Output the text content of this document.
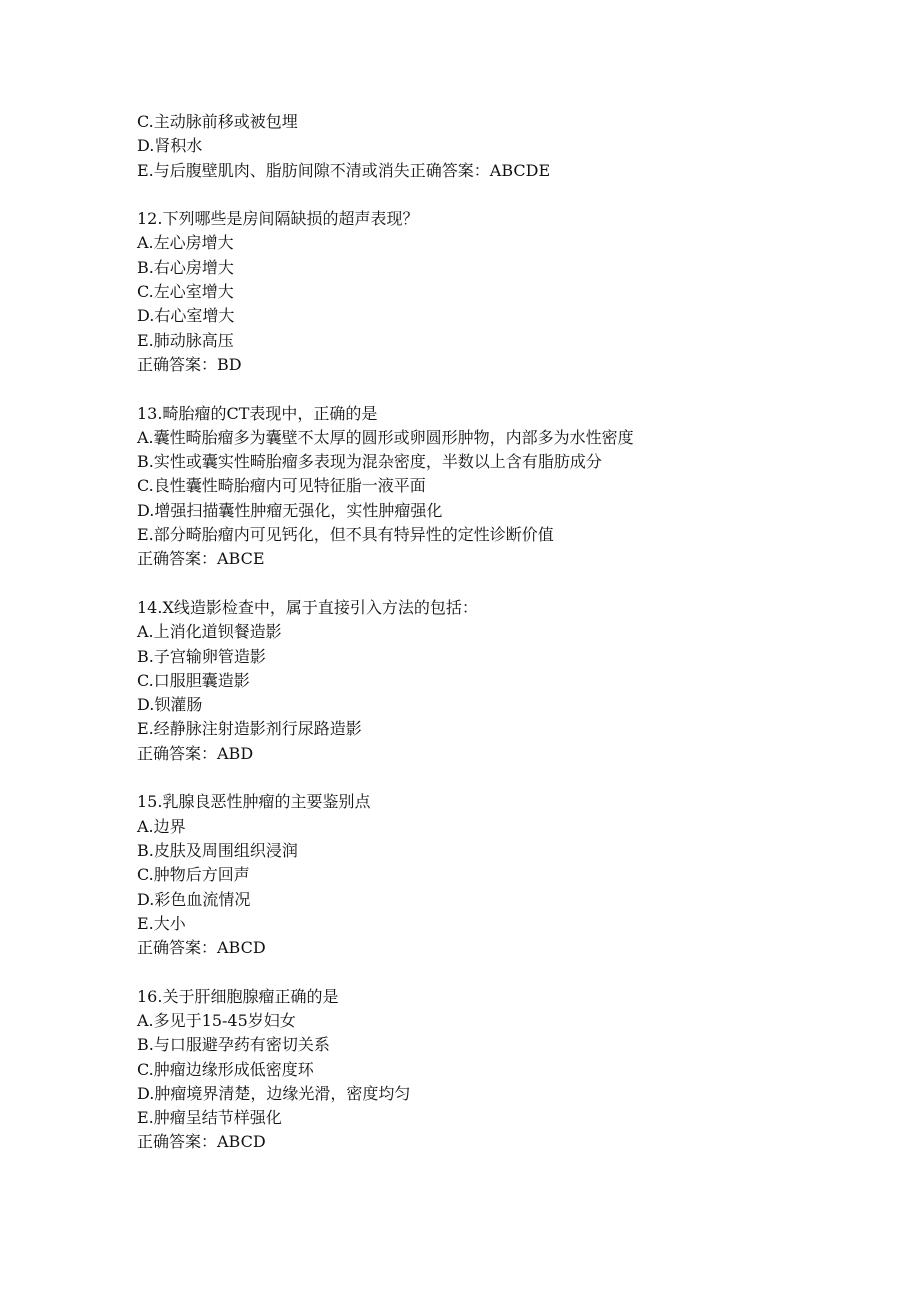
C.主动脉前移或被包埋
D.肾积水
E.与后腹壁肌肉、脂肪间隙不清或消失正确答案：ABCDE
12.下列哪些是房间隔缺损的超声表现？
A.左心房增大
B.右心房增大
C.左心室增大
D.右心室增大
E.肺动脉高压
正确答案：BD
13.畸胎瘤的CT表现中，正确的是
A.囊性畸胎瘤多为囊壁不太厚的圆形或卵圆形肿物，内部多为水性密度
B.实性或囊实性畸胎瘤多表现为混杂密度，半数以上含有脂肪成分
C.良性囊性畸胎瘤内可见特征脂一液平面
D.增强扫描囊性肿瘤无强化，实性肿瘤强化
E.部分畸胎瘤内可见钙化，但不具有特异性的定性诊断价值
正确答案：ABCE
14.X线造影检查中，属于直接引入方法的包括：
A.上消化道钡餐造影
B.子宫输卵管造影
C.口服胆囊造影
D.钡灌肠
E.经静脉注射造影剂行尿路造影
正确答案：ABD
15.乳腺良恶性肿瘤的主要鉴别点
A.边界
B.皮肤及周围组织浸润
C.肿物后方回声
D.彩色血流情况
E.大小
正确答案：ABCD
16.关于肝细胞腺瘤正确的是
A.多见于15-45岁妇女
B.与口服避孕药有密切关系
C.肿瘤边缘形成低密度环
D.肿瘤境界清楚，边缘光滑，密度均匀
E.肿瘤呈结节样强化
正确答案：ABCD
